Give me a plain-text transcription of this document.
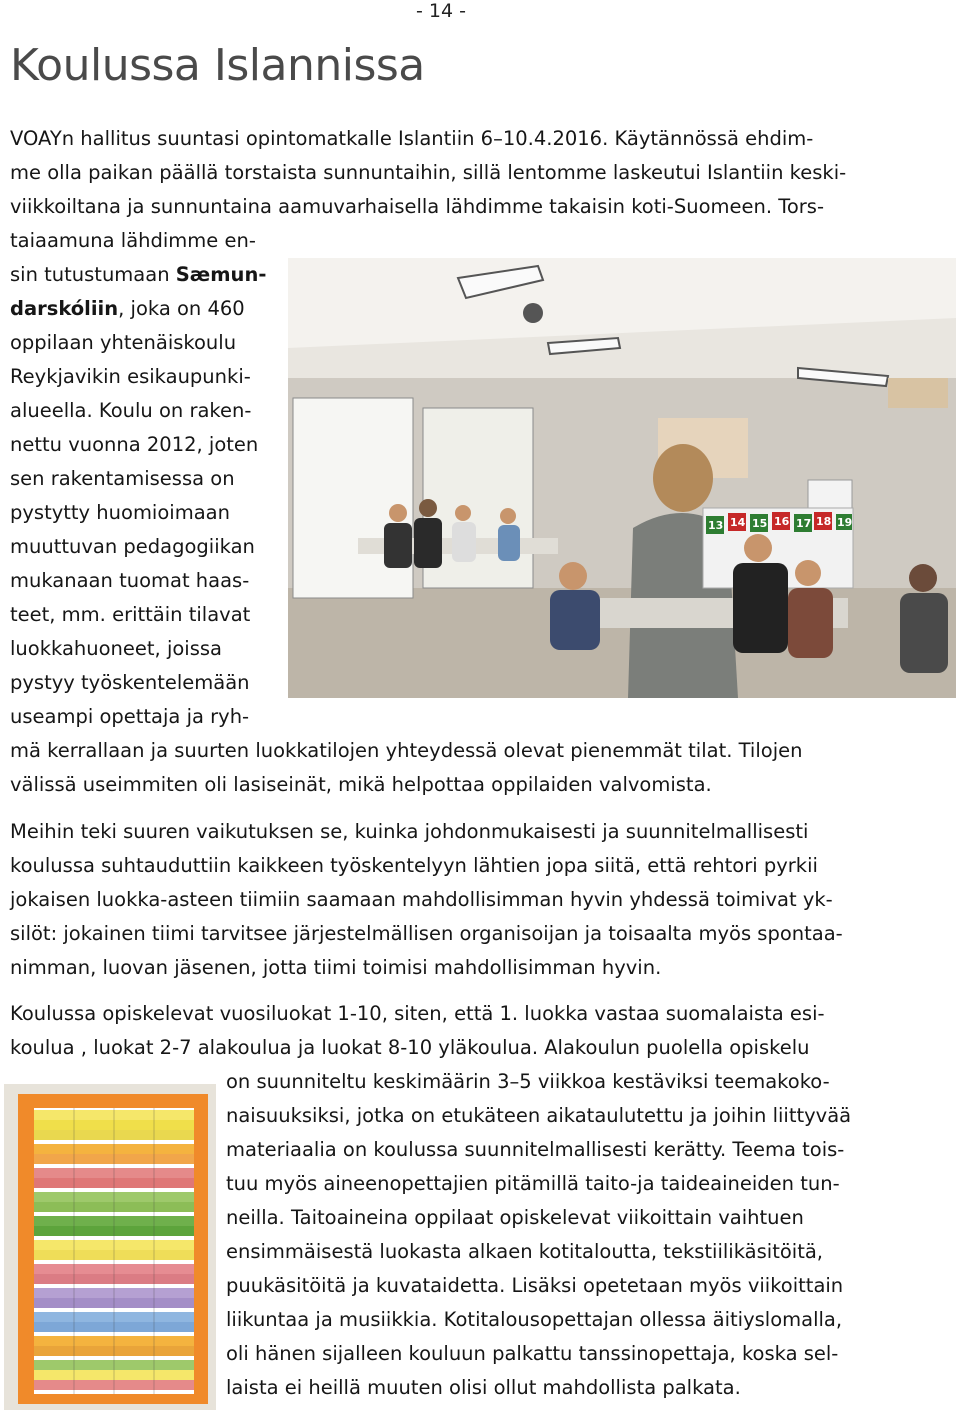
- 14 -
Koulussa Islannissa
VOAYn hallitus suuntasi opintomatkalle Islantiin 6–10.4.2016. Käytännössä ehdim-
me olla paikan päällä torstaista sunnuntaihin, sillä lentomme laskeutui Islantiin keski-
viikkoiltana ja sunnuntaina aamuvarhaisella lähdimme takaisin koti-Suomeen. Tors-
taiaamuna lähdimme en-
sin tutustumaan Sæmun-
darskóliin, joka on 460
oppilaan yhtenäiskoulu
Reykjavikin esikaupunki-
alueella. Koulu on raken-
nettu vuonna 2012, joten
sen rakentamisessa on
pystytty huomioimaan
muuttuvan pedagogiikan
mukanaan tuomat haas-
teet, mm. erittäin tilavat
luokkahuoneet, joissa
pystyy työskentelemään
useampi opettaja ja ryh-
mä kerrallaan ja suurten luokkatilojen yhteydessä olevat pienemmät tilat. Tilojen
välissä useimmiten oli lasiseinät, mikä helpottaa oppilaiden valvomista.
Meihin teki suuren vaikutuksen se, kuinka johdonmukaisesti ja suunnitelmallisesti
koulussa suhtauduttiin kaikkeen työskentelyyn lähtien jopa siitä, että rehtori pyrkii
jokaisen luokka-asteen tiimiin saamaan mahdollisimman hyvin yhdessä toimivat yk-
silöt: jokainen tiimi tarvitsee järjestelmällisen organisoijan ja toisaalta myös spontaa-
nimman, luovan jäsenen, jotta tiimi toimisi mahdollisimman hyvin.
Koulussa opiskelevat vuosiluokat 1-10, siten, että 1. luokka vastaa suomalaista esi-
koulua , luokat 2-7 alakoulua ja luokat 8-10 yläkoulua. Alakoulun puolella opiskelu
on suunniteltu keskimäärin 3–5 viikkoa kestäviksi teemakoko-
naisuuksiksi, jotka on etukäteen aikataulutettu ja joihin liittyvää
materiaalia on koulussa suunnitelmallisesti kerätty. Teema tois-
tuu myös aineenopettajien pitämillä taito-ja taideaineiden tun-
neilla. Taitoaineina oppilaat opiskelevat viikoittain vaihtuen
ensimmäisestä luokasta alkaen kotitaloutta, tekstiilikäsitöitä,
puukäsitöitä ja kuvataidetta. Lisäksi opetetaan myös viikoittain
liikuntaa ja musiikkia. Kotitalousopettajan ollessa äitiyslomalla,
oli hänen sijalleen kouluun palkattu tanssinopettaja, koska sel-
laista ei heillä muuten olisi ollut mahdollista palkata.
13 14 15 16 17 18 19
